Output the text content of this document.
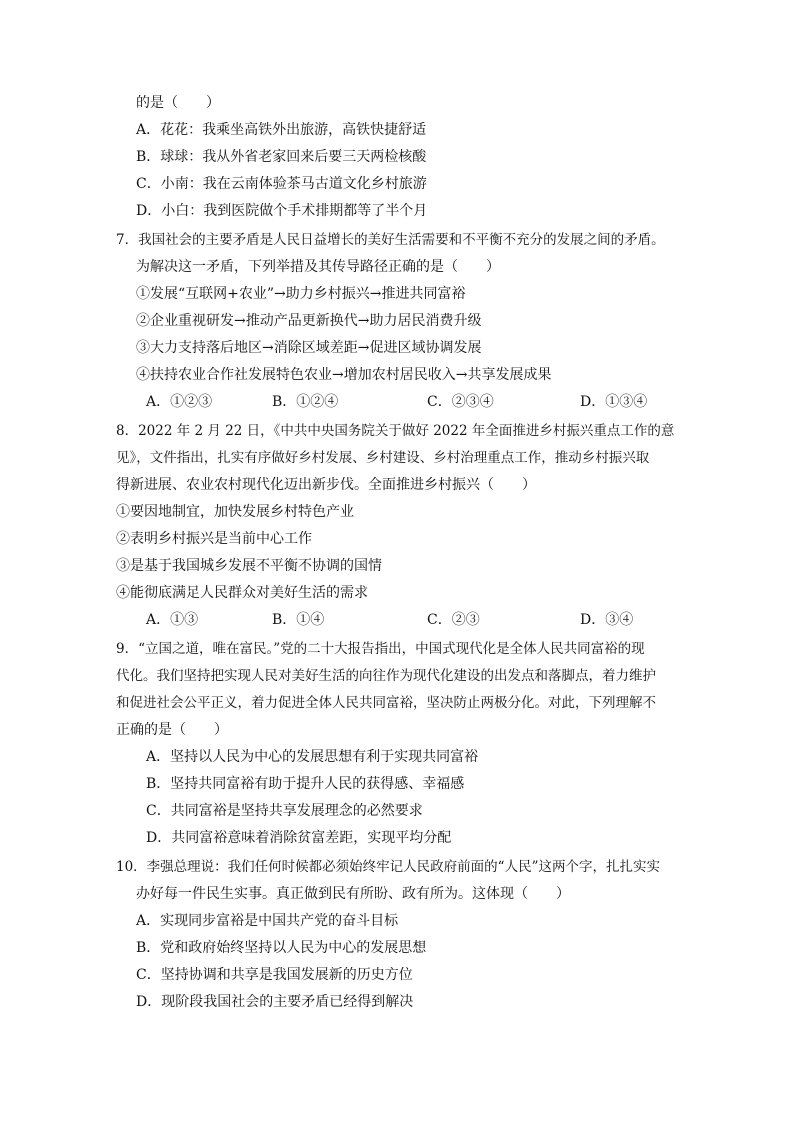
的是（　　）
A．花花：我乘坐高铁外出旅游，高铁快捷舒适
B．球球：我从外省老家回来后要三天两检核酸
C．小南：我在云南体验茶马古道文化乡村旅游
D．小白：我到医院做个手术排期都等了半个月
7．我国社会的主要矛盾是人民日益增长的美好生活需要和不平衡不充分的发展之间的矛盾。
为解决这一矛盾，下列举措及其传导路径正确的是（　　）
①发展“互联网+农业”→助力乡村振兴→推进共同富裕
②企业重视研发→推动产品更新换代→助力居民消费升级
③大力支持落后地区→消除区域差距→促进区域协调发展
④扶持农业合作社发展特色农业→增加农村居民收入→共享发展成果
A．①②③	B．①②④	C．②③④	D．①③④
8．2022 年 2 月 22 日，《中共中央国务院关于做好 2022 年全面推进乡村振兴重点工作的意
见》，文件指出，扎实有序做好乡村发展、乡村建设、乡村治理重点工作，推动乡村振兴取
得新进展、农业农村现代化迈出新步伐。全面推进乡村振兴（　　）
①要因地制宜，加快发展乡村特色产业
②表明乡村振兴是当前中心工作
③是基于我国城乡发展不平衡不协调的国情
④能彻底满足人民群众对美好生活的需求
A．①③	B．①④	C．②③	D．③④
9．“立国之道，唯在富民。”党的二十大报告指出，中国式现代化是全体人民共同富裕的现
代化。我们坚持把实现人民对美好生活的向往作为现代化建设的出发点和落脚点，着力维护
和促进社会公平正义，着力促进全体人民共同富裕，坚决防止两极分化。对此，下列理解不
正确的是（　　）
A．坚持以人民为中心的发展思想有利于实现共同富裕
B．坚持共同富裕有助于提升人民的获得感、幸福感
C．共同富裕是坚持共享发展理念的必然要求
D．共同富裕意味着消除贫富差距，实现平均分配
10．李强总理说：我们任何时候都必须始终牢记人民政府前面的“人民”这两个字，扎扎实实
办好每一件民生实事。真正做到民有所盼、政有所为。这体现（　　）
A．实现同步富裕是中国共产党的奋斗目标
B．党和政府始终坚持以人民为中心的发展思想
C．坚持协调和共享是我国发展新的历史方位
D．现阶段我国社会的主要矛盾已经得到解决
